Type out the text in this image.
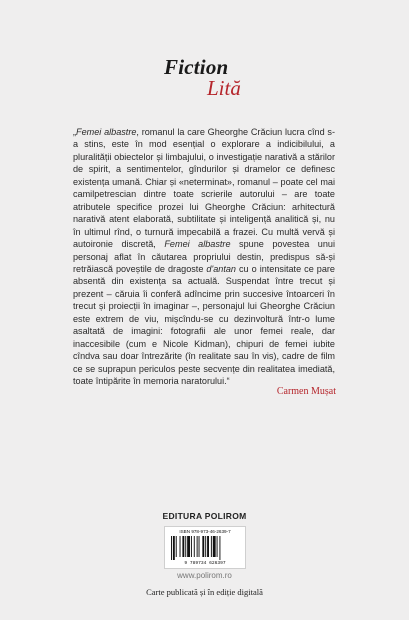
Fiction
Lită

„Femei albastre, romanul la care Gheorghe Crăciun lucra cînd s-a stins, este în mod esențial o explorare a indicibilului, a pluralității obiectelor și limbajului, o investigație narativă a stărilor de spirit, a sentimentelor, gîndurilor și dramelor ce definesc existența umană. Chiar și «neterminat», romanul – poate cel mai camilpetrescian dintre toate scrierile autorului – are toate atributele specifice prozei lui Gheorghe Crăciun: arhitectură narativă atent elaborată, subtilitate și inteligență analitică și, nu în ultimul rînd, o turnură impecabilă a frazei. Cu multă vervă și autoironie discretă, Femei albastre spune povestea unui personaj aflat în căutarea propriului destin, predispus să-și retrăiască poveștile de dragoste d'antan cu o intensitate ce pare absentă din existența sa actuală. Suspendat între trecut și prezent – căruia îi conferă adîncime prin succesive întoarceri în trecut și proiecții în imaginar –, personajul lui Gheorghe Crăciun este extrem de viu, mișcîndu-se cu dezinvoltură într-o lume asaltată de imagini: fotografii ale unor femei reale, dar inaccesibile (cum e Nicole Kidman), chipuri de femei iubite cîndva sau doar întrezărite (în realitate sau în vis), cadre de film ce se suprapun periculos peste secvențe din realitatea imediată, toate întipărite în memoria naratorului.“

Carmen Mușat
EDITURA POLIROM
ISBN 978-973-46-2639-7
9 789734 626397
www.polirom.ro
Carte publicată și în ediție digitală
